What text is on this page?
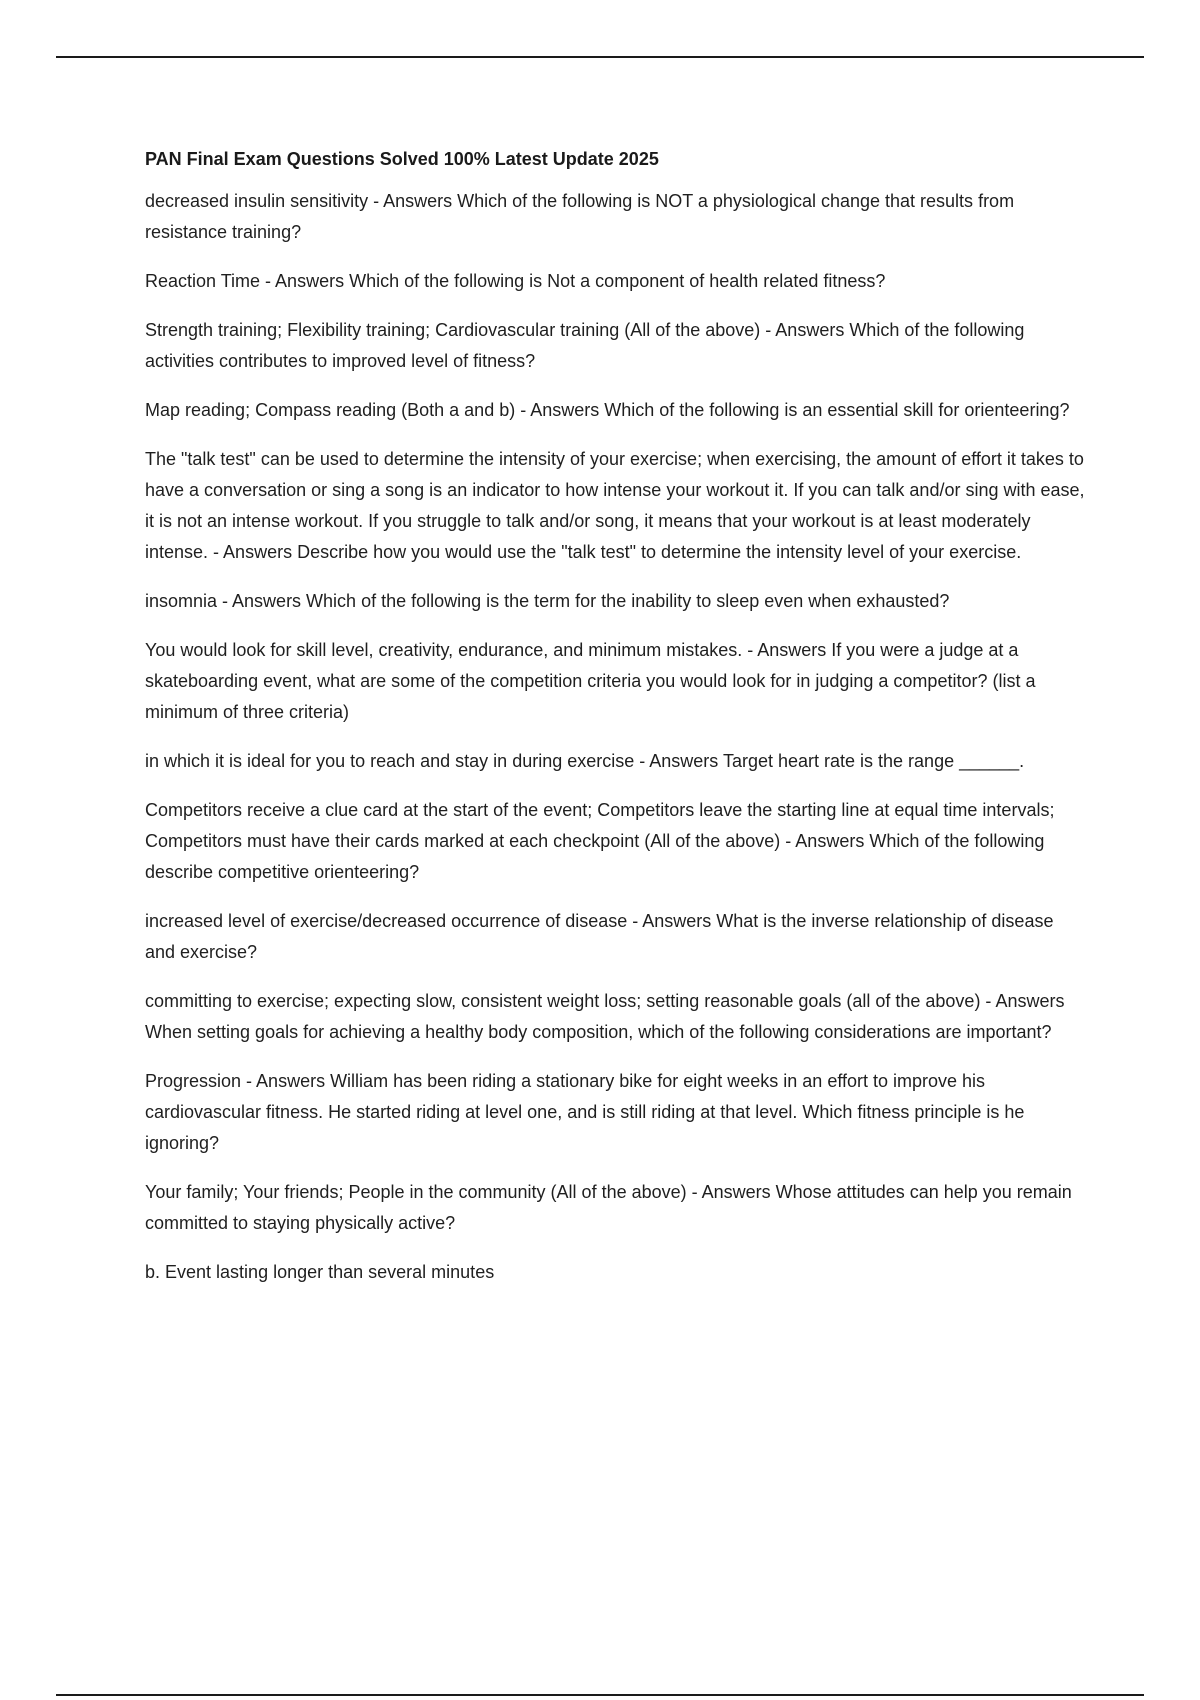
PAN Final Exam Questions Solved 100% Latest Update 2025

decreased insulin sensitivity - Answers Which of the following is NOT a physiological change that results from resistance training?

Reaction Time - Answers Which of the following is Not a component of health related fitness?

Strength training; Flexibility training; Cardiovascular training (All of the above) - Answers Which of the following activities contributes to improved level of fitness?

Map reading; Compass reading (Both a and b) - Answers Which of the following is an essential skill for orienteering?

The "talk test" can be used to determine the intensity of your exercise; when exercising, the amount of effort it takes to have a conversation or sing a song is an indicator to how intense your workout it. If you can talk and/or sing with ease, it is not an intense workout. If you struggle to talk and/or song, it means that your workout is at least moderately intense. - Answers Describe how you would use the "talk test" to determine the intensity level of your exercise.

insomnia - Answers Which of the following is the term for the inability to sleep even when exhausted?

You would look for skill level, creativity, endurance, and minimum mistakes. - Answers If you were a judge at a skateboarding event, what are some of the competition criteria you would look for in judging a competitor? (list a minimum of three criteria)

in which it is ideal for you to reach and stay in during exercise - Answers Target heart rate is the range ______.

Competitors receive a clue card at the start of the event; Competitors leave the starting line at equal time intervals; Competitors must have their cards marked at each checkpoint (All of the above) - Answers Which of the following describe competitive orienteering?

increased level of exercise/decreased occurrence of disease - Answers What is the inverse relationship of disease and exercise?

committing to exercise; expecting slow, consistent weight loss; setting reasonable goals (all of the above) - Answers When setting goals for achieving a healthy body composition, which of the following considerations are important?

Progression - Answers William has been riding a stationary bike for eight weeks in an effort to improve his cardiovascular fitness. He started riding at level one, and is still riding at that level. Which fitness principle is he ignoring?

Your family; Your friends; People in the community (All of the above) - Answers Whose attitudes can help you remain committed to staying physically active?

b. Event lasting longer than several minutes
